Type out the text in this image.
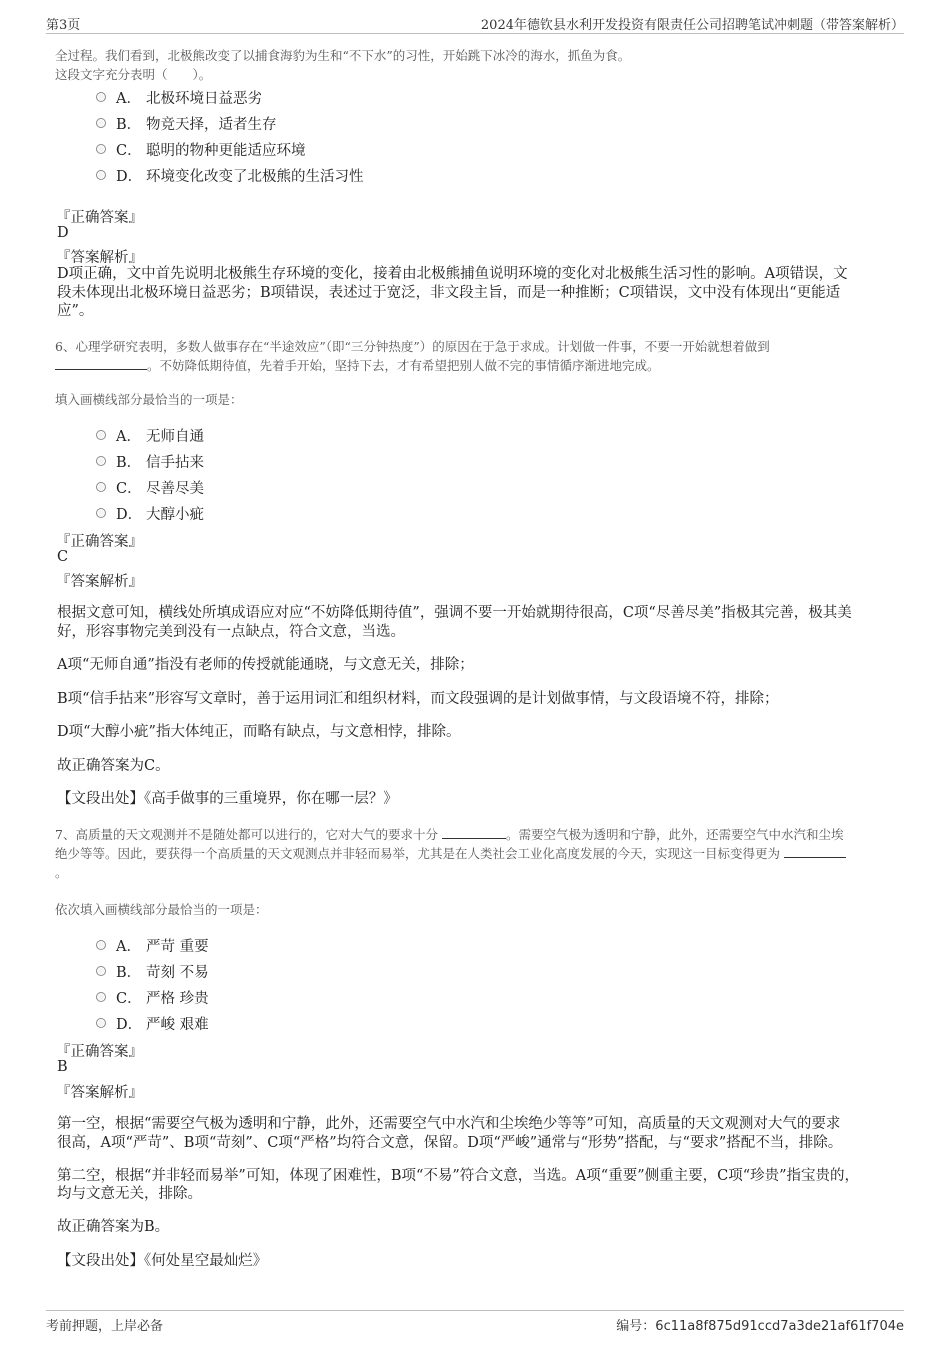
第3页	2024年德钦县水利开发投资有限责任公司招聘笔试冲刺题（带答案解析）
全过程。我们看到，北极熊改变了以捕食海豹为生和“不下水”的习性，开始跳下冰冷的海水，抓鱼为食。
这段文字充分表明（　　）。
A． 北极环境日益恶劣
B． 物竞天择，适者生存
C． 聪明的物种更能适应环境
D． 环境变化改变了北极熊的生活习性
『正确答案』
D
『答案解析』
D项正确，文中首先说明北极熊生存环境的变化，接着由北极熊捕鱼说明环境的变化对北极熊生活习性的影响。A项错误，文
段未体现出北极环境日益恶劣；B项错误，表述过于宽泛，非文段主旨，而是一种推断；C项错误，文中没有体现出“更能适
应”。
6、心理学研究表明，多数人做事存在“半途效应”（即“三分钟热度”）的原因在于急于求成。计划做一件事，不要一开始就想着做到
。不妨降低期待值，先着手开始，坚持下去，才有希望把别人做不完的事情循序渐进地完成。
填入画横线部分最恰当的一项是：
A． 无师自通
B． 信手拈来
C． 尽善尽美
D． 大醇小疵
『正确答案』
C
『答案解析』
根据文意可知，横线处所填成语应对应“不妨降低期待值”，强调不要一开始就期待很高，C项“尽善尽美”指极其完善，极其美
好，形容事物完美到没有一点缺点，符合文意，当选。
A项“无师自通”指没有老师的传授就能通晓，与文意无关，排除；
B项“信手拈来”形容写文章时，善于运用词汇和组织材料，而文段强调的是计划做事情，与文段语境不符，排除；
D项“大醇小疵”指大体纯正，而略有缺点，与文意相悖，排除。
故正确答案为C。
【文段出处】《高手做事的三重境界，你在哪一层？》
7、高质量的天文观测并不是随处都可以进行的，它对大气的要求十分	。需要空气极为透明和宁静，此外，还需要空气中水汽和尘埃
绝少等等。因此，要获得一个高质量的天文观测点并非轻而易举，尤其是在人类社会工业化高度发展的今天，实现这一目标变得更为
。
依次填入画横线部分最恰当的一项是：
A． 严苛 重要
B． 苛刻 不易
C． 严格 珍贵
D． 严峻 艰难
『正确答案』
B
『答案解析』
第一空，根据“需要空气极为透明和宁静，此外，还需要空气中水汽和尘埃绝少等等”可知，高质量的天文观测对大气的要求
很高，A项“严苛”、B项“苛刻”、C项“严格”均符合文意，保留。D项“严峻”通常与“形势”搭配，与“要求”搭配不当，排除。
第二空，根据“并非轻而易举”可知，体现了困难性，B项“不易”符合文意，当选。A项“重要”侧重主要，C项“珍贵”指宝贵的，
均与文意无关，排除。
故正确答案为B。
【文段出处】《何处星空最灿烂》
考前押题，上岸必备	编号：6c11a8f875d91ccd7a3de21af61f704e
